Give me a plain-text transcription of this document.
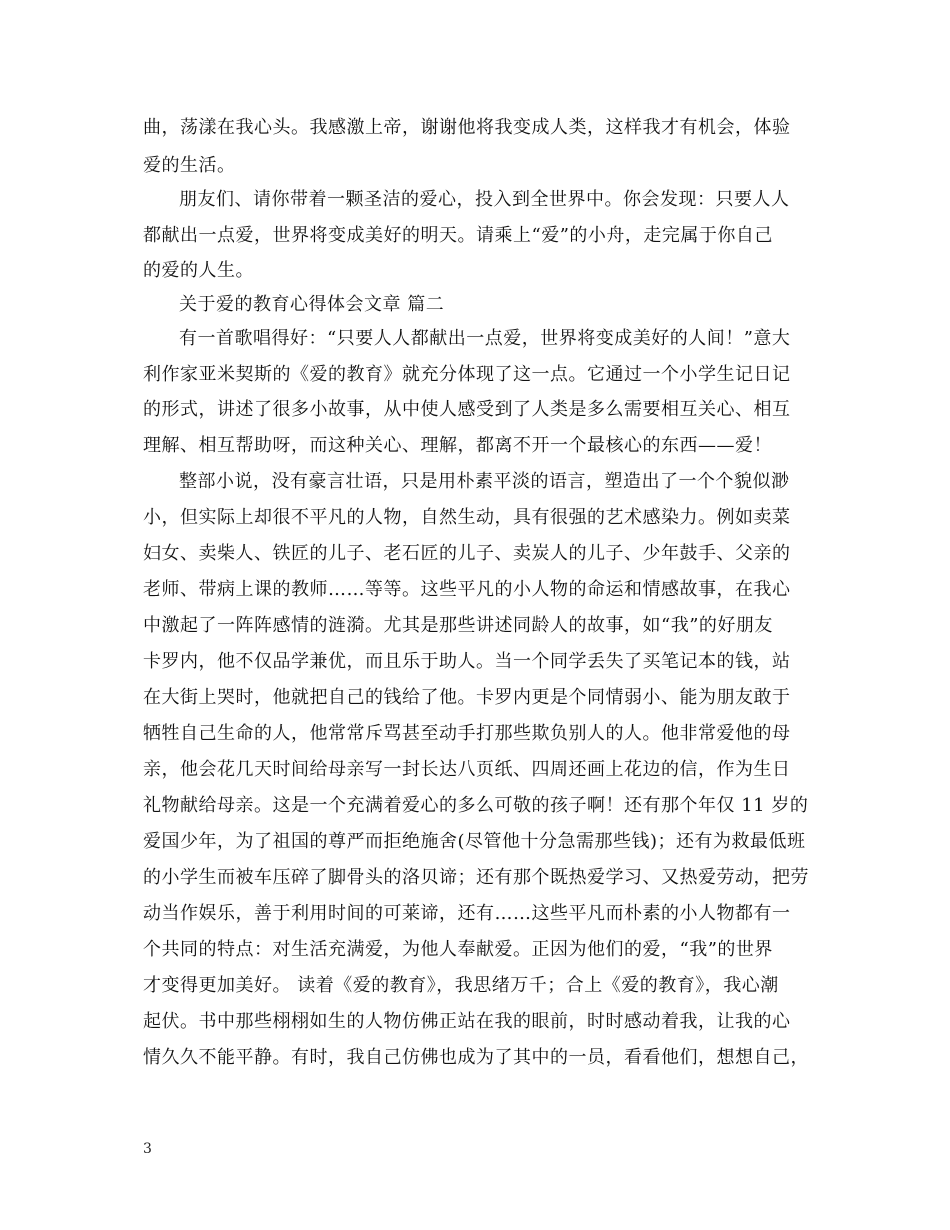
曲，荡漾在我心头。我感激上帝，谢谢他将我变成人类，这样我才有机会，体验
爱的生活。
朋友们、请你带着一颗圣洁的爱心，投入到全世界中。你会发现：只要人人
都献出一点爱，世界将变成美好的明天。请乘上“爱”的小舟，走完属于你自己
的爱的人生。
关于爱的教育心得体会文章 篇二
有一首歌唱得好：“只要人人都献出一点爱，世界将变成美好的人间！”意大
利作家亚米契斯的《爱的教育》就充分体现了这一点。它通过一个小学生记日记
的形式，讲述了很多小故事，从中使人感受到了人类是多么需要相互关心、相互
理解、相互帮助呀，而这种关心、理解，都离不开一个最核心的东西——爱！
整部小说，没有豪言壮语，只是用朴素平淡的语言，塑造出了一个个貌似渺
小，但实际上却很不平凡的人物，自然生动，具有很强的艺术感染力。例如卖菜
妇女、卖柴人、铁匠的儿子、老石匠的儿子、卖炭人的儿子、少年鼓手、父亲的
老师、带病上课的教师……等等。这些平凡的小人物的命运和情感故事，在我心
中激起了一阵阵感情的涟漪。尤其是那些讲述同龄人的故事，如“我”的好朋友
卡罗内，他不仅品学兼优，而且乐于助人。当一个同学丢失了买笔记本的钱，站
在大街上哭时，他就把自己的钱给了他。卡罗内更是个同情弱小、能为朋友敢于
牺牲自己生命的人，他常常斥骂甚至动手打那些欺负别人的人。他非常爱他的母
亲，他会花几天时间给母亲写一封长达八页纸、四周还画上花边的信，作为生日
礼物献给母亲。这是一个充满着爱心的多么可敬的孩子啊！还有那个年仅 11 岁的
爱国少年，为了祖国的尊严而拒绝施舍(尽管他十分急需那些钱)；还有为救最低班
的小学生而被车压碎了脚骨头的洛贝谛；还有那个既热爱学习、又热爱劳动，把劳
动当作娱乐，善于利用时间的可莱谛，还有……这些平凡而朴素的小人物都有一
个共同的特点：对生活充满爱，为他人奉献爱。正因为他们的爱，“我”的世界
才变得更加美好。 读着《爱的教育》，我思绪万千；合上《爱的教育》，我心潮
起伏。书中那些栩栩如生的人物仿佛正站在我的眼前，时时感动着我，让我的心
情久久不能平静。有时，我自己仿佛也成为了其中的一员，看看他们，想想自己，
3
